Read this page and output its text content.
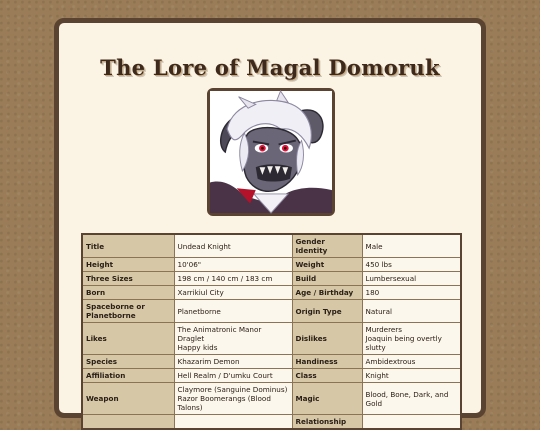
The Lore of Magal Domoruk
Title	Undead Knight	Gender Identity	Male

Height	10'06"	Weight	450 lbs

Three Sizes	198 cm / 140 cm / 183 cm	Build	Lumbersexual

Born	Xarrikiul City	Age / Birthday	180

Spaceborne or Planetborne	Planetborne	Origin Type	Natural

Likes	The Animatronic Manor
Draglet
Happy kids	Dislikes	Murderers
Joaquin being overtly slutty

Species	Khazarim Demon	Handiness	Ambidextrous

Affiliation	Hell Realm / D'umku Court	Class	Knight

Weapon	Claymore (Sanguine Dominus)
Razor Boomerangs (Blood Talons)	Magic	Blood, Bone, Dark, and Gold

	Relationship	
